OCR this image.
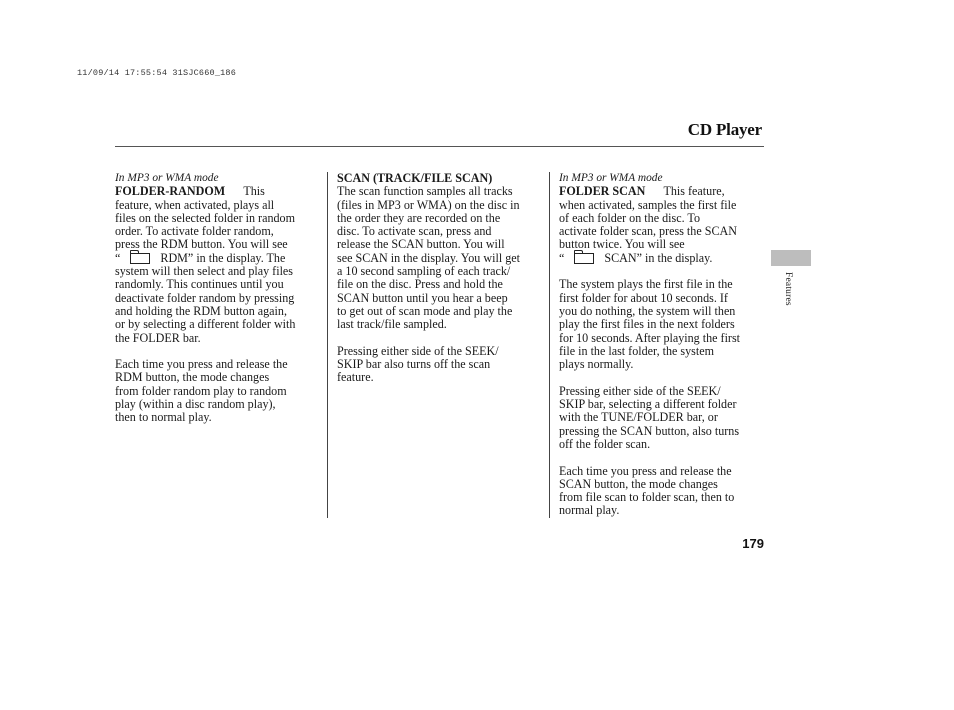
11/09/14 17:55:54 31SJC660_186
CD Player
In MP3 or WMA mode
FOLDER-RANDOM This
feature, when activated, plays all
files on the selected folder in random
order. To activate folder random,
press the RDM button. You will see
“	RDM” in the display. The
system will then select and play files
randomly. This continues until you
deactivate folder random by pressing
and holding the RDM button again,
or by selecting a different folder with
the FOLDER bar.
Each time you press and release the
RDM button, the mode changes
from folder random play to random
play (within a disc random play),
then to normal play.
SCAN (TRACK/FILE SCAN)
The scan function samples all tracks
(files in MP3 or WMA) on the disc in
the order they are recorded on the
disc. To activate scan, press and
release the SCAN button. You will
see SCAN in the display. You will get
a 10 second sampling of each track/
file on the disc. Press and hold the
SCAN button until you hear a beep
to get out of scan mode and play the
last track/file sampled.
Pressing either side of the SEEK/
SKIP bar also turns off the scan
feature.
In MP3 or WMA mode
FOLDER SCAN This feature,
when activated, samples the first file
of each folder on the disc. To
activate folder scan, press the SCAN
button twice. You will see
“	SCAN” in the display.
The system plays the first file in the
first folder for about 10 seconds. If
you do nothing, the system will then
play the first files in the next folders
for 10 seconds. After playing the first
file in the last folder, the system
plays normally.
Pressing either side of the SEEK/
SKIP bar, selecting a different folder
with the TUNE/FOLDER bar, or
pressing the SCAN button, also turns
off the folder scan.
Each time you press and release the
SCAN button, the mode changes
from file scan to folder scan, then to
normal play.
Features
179
